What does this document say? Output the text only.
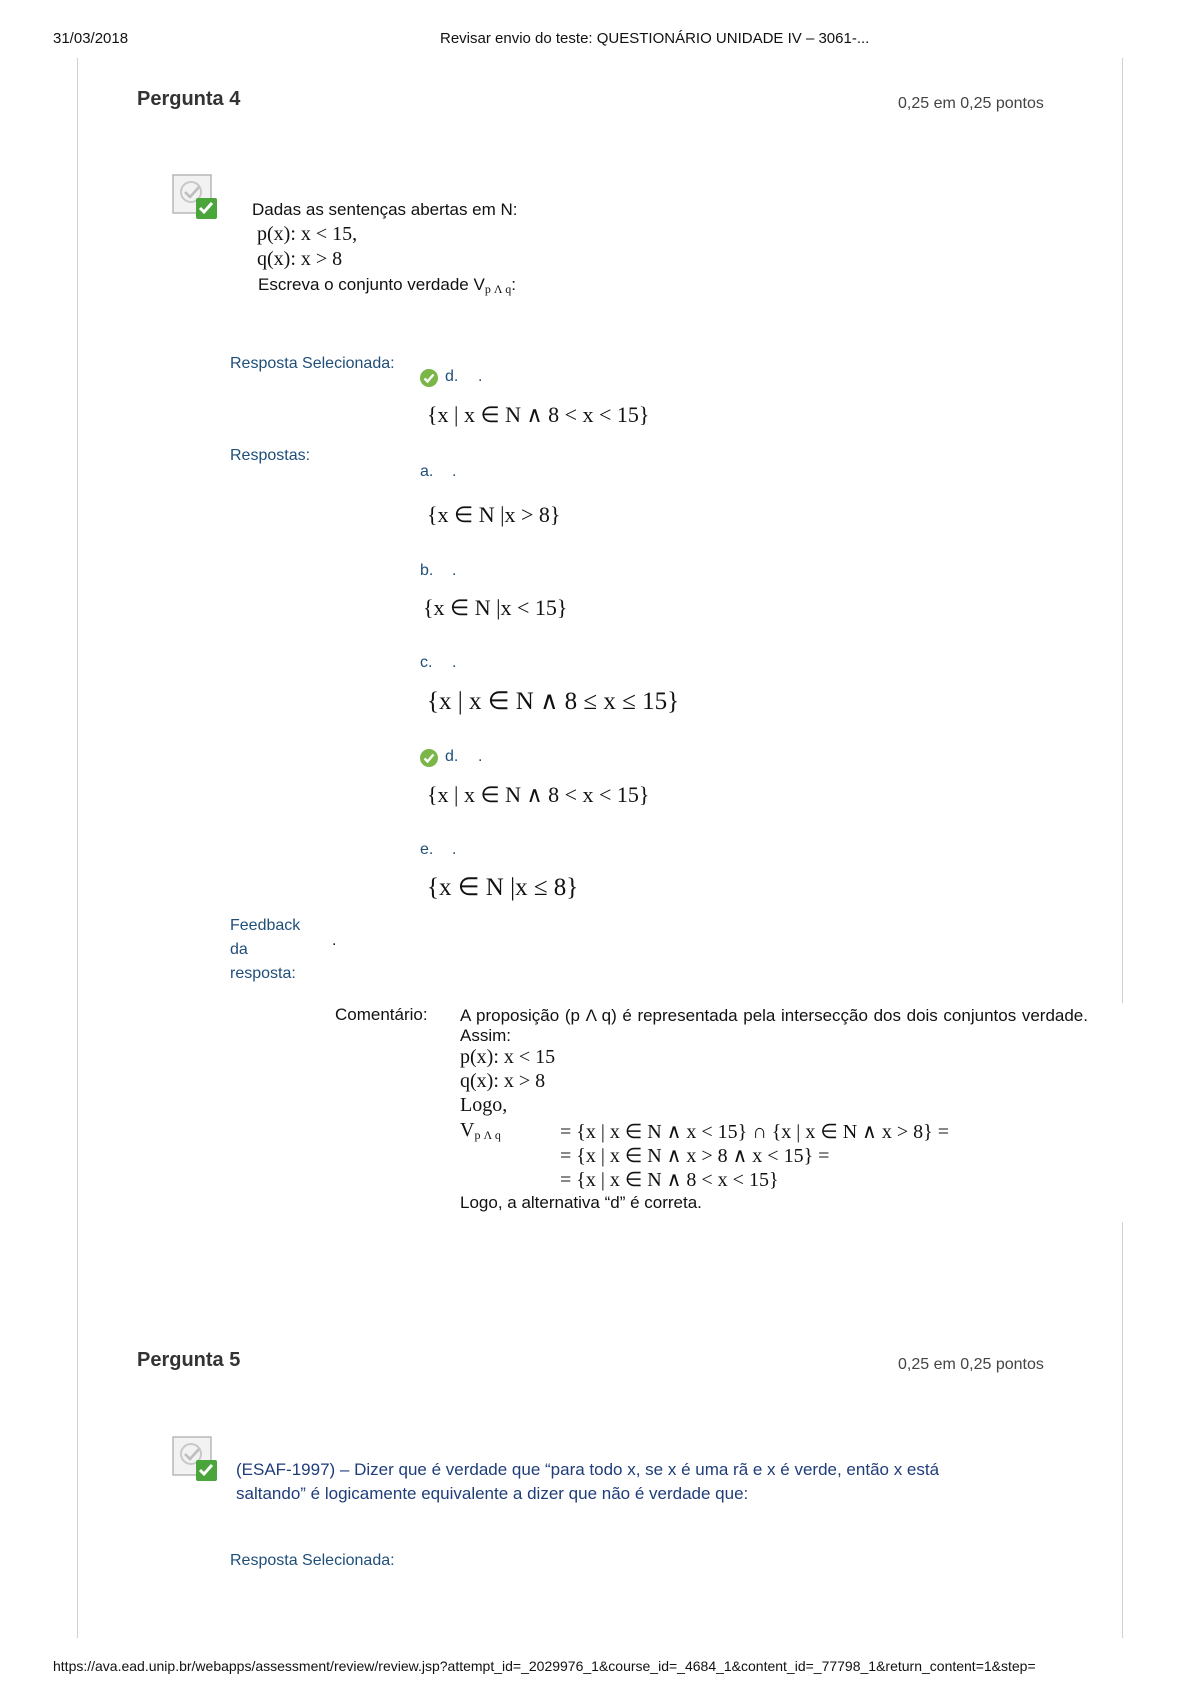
31/03/2018	Revisar envio do teste: QUESTIONÁRIO UNIDADE IV – 3061-...
https://ava.ead.unip.br/webapps/assessment/review/review.jsp?attempt_id=_2029976_1&course_id=_4684_1&content_id=_77798_1&return_content=1&step=
Pergunta 4	0,25 em 0,25 pontos
Dadas as sentenças abertas em N:
p(x): x < 15,
q(x): x > 8
Escreva o conjunto verdade $V_{p \Lambda q}$:
Resposta Selecionada:
d. .
{x | x ∈ N ∧ 8 < x < 15}
Respostas:
a. .
{x ∈ N |x > 8}
b. .
{x ∈ N |x < 15}
c. .
{x | x ∈ N ∧ 8 ≤ x ≤ 15}
d. .
{x | x ∈ N ∧ 8 < x < 15}
e. .
{x ∈ N |x ≤ 8}
Feedback
da
resposta:
.
Comentário: A proposição (p Λ q) é representada pela intersecção dos dois conjuntos verdade. Assim:
p(x): x < 15
q(x): x > 8
Logo,
$V_{p \Lambda q}$	= {x | x ∈ N ∧ x < 15} ∩ {x | x ∈ N ∧ x > 8} =
= {x | x ∈ N ∧ x > 8 ∧ x < 15} =
= {x | x ∈ N ∧ 8 < x < 15}
Logo, a alternativa “d” é correta.
Pergunta 5	0,25 em 0,25 pontos
(ESAF-1997) – Dizer que é verdade que “para todo x, se x é uma rã e x é verde, então x está saltando” é logicamente equivalente a dizer que não é verdade que:
Resposta Selecionada:
